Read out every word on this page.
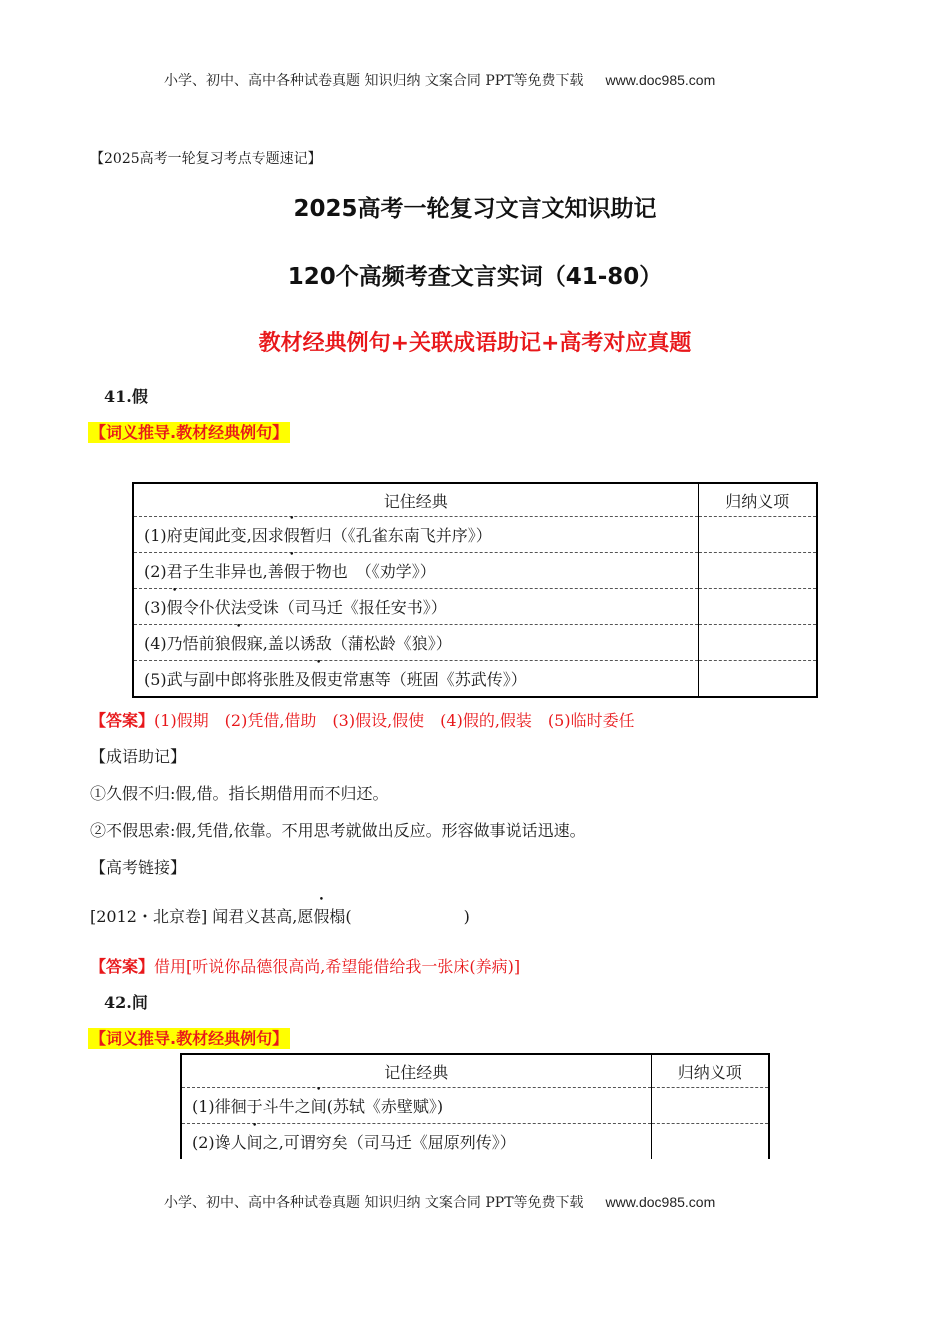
小学、初中、高中各种试卷真题 知识归纳 文案合同 PPT等免费下载 www.doc985.com
【2025高考一轮复习考点专题速记】
2025高考一轮复习文言文知识助记
120个高频考查文言实词（41-80）
教材经典例句+关联成语助记+高考对应真题
41.假
【词义推导.教材经典例句】
记住经典	归纳义项
(1)府吏闻此变,因求假暂归（《孔雀东南飞并序》）	
(2)君子生非异也,善假于物也　（《劝学》）	
(3)假令仆伏法受诛（司马迁《报任安书》）	
(4)乃悟前狼假寐,盖以诱敌（蒲松龄《狼》）	
(5)武与副中郎将张胜及假吏常惠等（班固《苏武传》）	
【答案】(1)假期　(2)凭借,借助　(3)假设,假使　(4)假的,假装　(5)临时委任
【成语助记】
①久假不归:假,借。指长期借用而不归还。
②不假思索:假,凭借,依靠。不用思考就做出反应。形容做事说话迅速。
【高考链接】
[2012・北京卷] 闻君义甚高,愿假榻(　　　　　　　)
【答案】借用[听说你品德很高尚,希望能借给我一张床(养病)]
42.间
【词义推导.教材经典例句】
记住经典	归纳义项
(1)徘徊于斗牛之间(苏轼《赤壁赋》)	
(2)谗人间之,可谓穷矣（司马迁《屈原列传》）	
小学、初中、高中各种试卷真题 知识归纳 文案合同 PPT等免费下载 www.doc985.com
